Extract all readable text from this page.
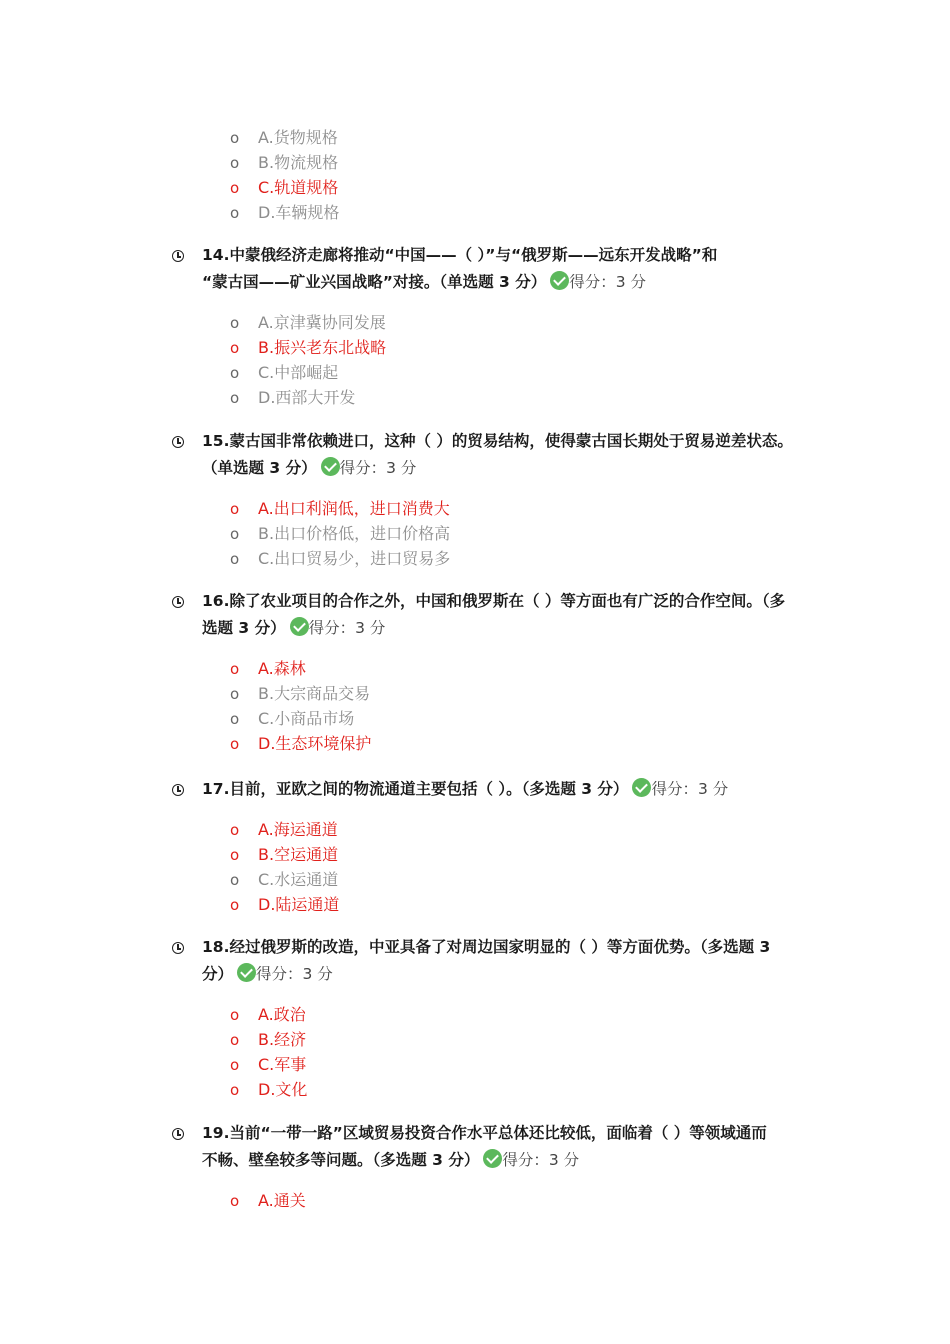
o A.货物规格
o B.物流规格
o C.轨道规格
o D.车辆规格
14.中蒙俄经济走廊将推动“中国——（ ）”与“俄罗斯——远东开发战略”和
“蒙古国——矿业兴国战略”对接。（单选题 3 分） 得分：3 分
o A.京津冀协同发展
o B.振兴老东北战略
o C.中部崛起
o D.西部大开发
15.蒙古国非常依赖进口，这种（ ）的贸易结构，使得蒙古国长期处于贸易逆差状态。
（单选题 3 分） 得分：3 分
o A.出口利润低，进口消费大
o B.出口价格低，进口价格高
o C.出口贸易少，进口贸易多
16.除了农业项目的合作之外，中国和俄罗斯在（ ）等方面也有广泛的合作空间。（多
选题 3 分） 得分：3 分
o A.森林
o B.大宗商品交易
o C.小商品市场
o D.生态环境保护
17.目前，亚欧之间的物流通道主要包括（ ）。（多选题 3 分） 得分：3 分
o A.海运通道
o B.空运通道
o C.水运通道
o D.陆运通道
18.经过俄罗斯的改造，中亚具备了对周边国家明显的（ ）等方面优势。（多选题 3
分） 得分：3 分
o A.政治
o B.经济
o C.军事
o D.文化
19.当前“一带一路”区域贸易投资合作水平总体还比较低，面临着（ ）等领域通而
不畅、壁垒较多等问题。（多选题 3 分） 得分：3 分
o A.通关
